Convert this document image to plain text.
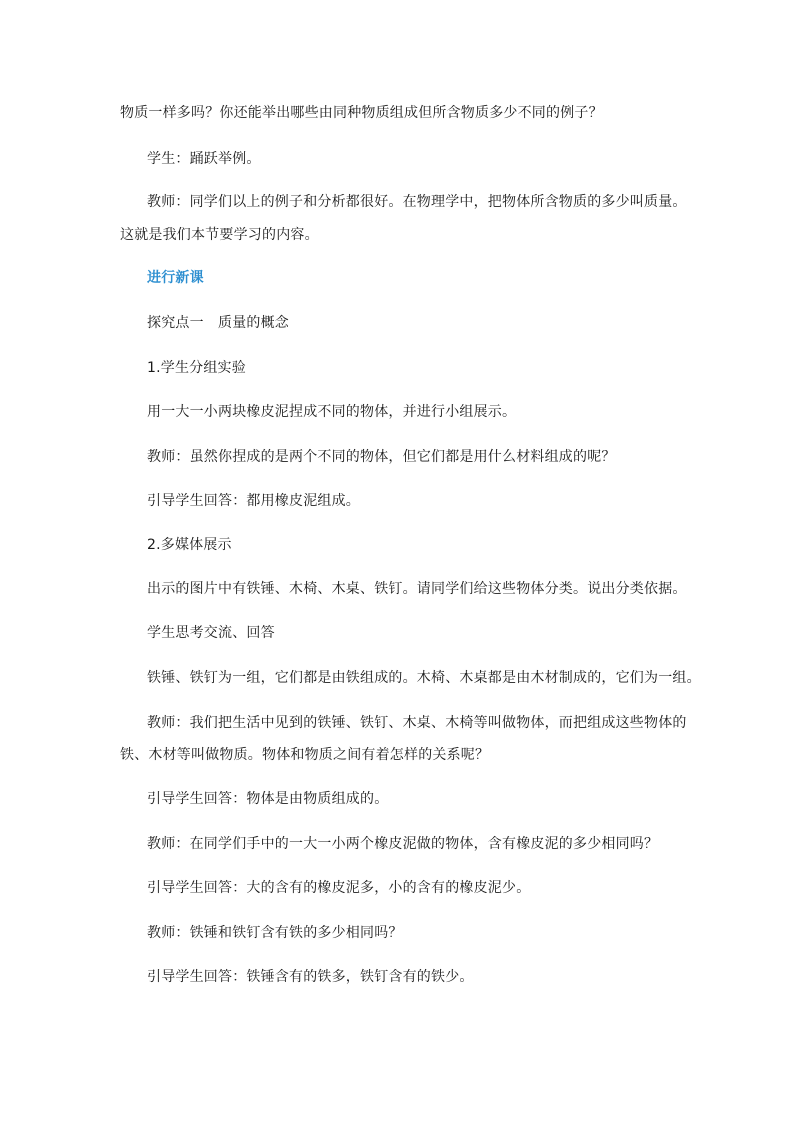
物质一样多吗？你还能举出哪些由同种物质组成但所含物质多少不同的例子？
学生：踊跃举例。
教师：同学们以上的例子和分析都很好。在物理学中，把物体所含物质的多少叫质量。
这就是我们本节要学习的内容。
进行新课
探究点一　质量的概念
1.学生分组实验
用一大一小两块橡皮泥捏成不同的物体，并进行小组展示。
教师：虽然你捏成的是两个不同的物体，但它们都是用什么材料组成的呢？
引导学生回答：都用橡皮泥组成。
2.多媒体展示
出示的图片中有铁锤、木椅、木桌、铁钉。请同学们给这些物体分类。说出分类依据。
学生思考交流、回答
铁锤、铁钉为一组，它们都是由铁组成的。木椅、木桌都是由木材制成的，它们为一组。
教师：我们把生活中见到的铁锤、铁钉、木桌、木椅等叫做物体，而把组成这些物体的
铁、木材等叫做物质。物体和物质之间有着怎样的关系呢？
引导学生回答：物体是由物质组成的。
教师：在同学们手中的一大一小两个橡皮泥做的物体，含有橡皮泥的多少相同吗？
引导学生回答：大的含有的橡皮泥多，小的含有的橡皮泥少。
教师：铁锤和铁钉含有铁的多少相同吗？
引导学生回答：铁锤含有的铁多，铁钉含有的铁少。
